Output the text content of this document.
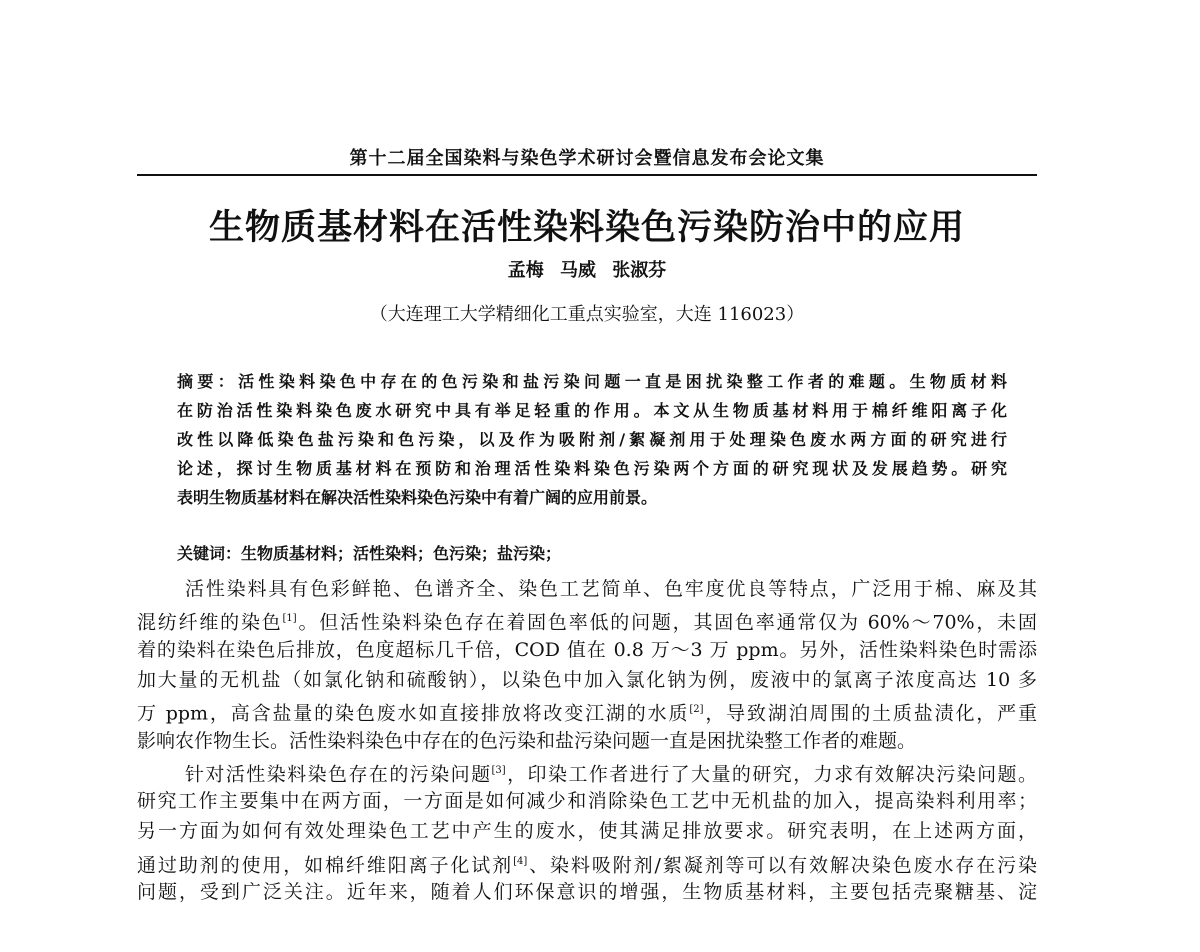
第十二届全国染料与染色学术研讨会暨信息发布会论文集
生物质基材料在活性染料染色污染防治中的应用
孟梅 马威 张淑芬
（大连理工大学精细化工重点实验室，大连 116023）
摘要：活性染料染色中存在的色污染和盐污染问题一直是困扰染整工作者的难题。生物质材料
在防治活性染料染色废水研究中具有举足轻重的作用。本文从生物质基材料用于棉纤维阳离子化
改性以降低染色盐污染和色污染，以及作为吸附剂/絮凝剂用于处理染色废水两方面的研究进行
论述，探讨生物质基材料在预防和治理活性染料染色污染两个方面的研究现状及发展趋势。研究
表明生物质基材料在解决活性染料染色污染中有着广阔的应用前景。
关键词：生物质基材料；活性染料；色污染；盐污染；
活性染料具有色彩鲜艳、色谱齐全、染色工艺简单、色牢度优良等特点，广泛用于棉、麻及其
混纺纤维的染色[1]。但活性染料染色存在着固色率低的问题，其固色率通常仅为 60%～70%，未固
着的染料在染色后排放，色度超标几千倍，COD 值在 0.8 万～3 万 ppm。另外，活性染料染色时需添
加大量的无机盐（如氯化钠和硫酸钠），以染色中加入氯化钠为例，废液中的氯离子浓度高达 10 多
万 ppm，高含盐量的染色废水如直接排放将改变江湖的水质[2]，导致湖泊周围的土质盐渍化，严重
影响农作物生长。活性染料染色中存在的色污染和盐污染问题一直是困扰染整工作者的难题。
针对活性染料染色存在的污染问题[3]，印染工作者进行了大量的研究，力求有效解决污染问题。
研究工作主要集中在两方面，一方面是如何减少和消除染色工艺中无机盐的加入，提高染料利用率；
另一方面为如何有效处理染色工艺中产生的废水，使其满足排放要求。研究表明，在上述两方面，
通过助剂的使用，如棉纤维阳离子化试剂[4]、染料吸附剂/絮凝剂等可以有效解决染色废水存在污染
问题，受到广泛关注。近年来，随着人们环保意识的增强，生物质基材料，主要包括壳聚糖基、淀
